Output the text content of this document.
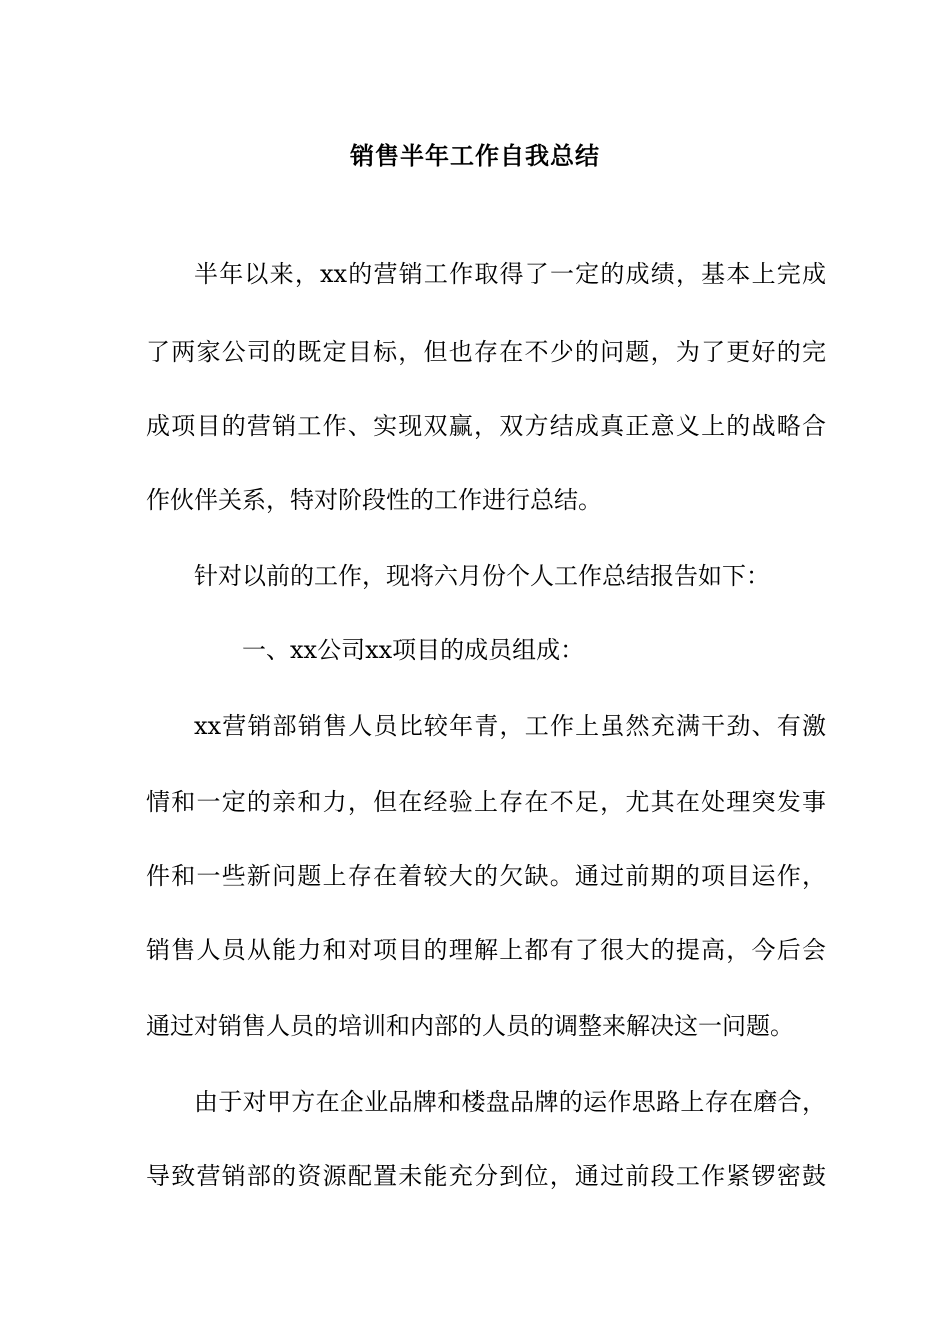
销售半年工作自我总结
半年以来，xx的营销工作取得了一定的成绩，基本上完成
了两家公司的既定目标，但也存在不少的问题，为了更好的完
成项目的营销工作、实现双赢，双方结成真正意义上的战略合
作伙伴关系，特对阶段性的工作进行总结。
针对以前的工作，现将六月份个人工作总结报告如下：
一、xx公司xx项目的成员组成：
xx营销部销售人员比较年青，工作上虽然充满干劲、有激
情和一定的亲和力，但在经验上存在不足，尤其在处理突发事
件和一些新问题上存在着较大的欠缺。通过前期的项目运作，
销售人员从能力和对项目的理解上都有了很大的提高，今后会
通过对销售人员的培训和内部的人员的调整来解决这一问题。
由于对甲方在企业品牌和楼盘品牌的运作思路上存在磨合，
导致营销部的资源配置未能充分到位，通过前段工作紧锣密鼓
